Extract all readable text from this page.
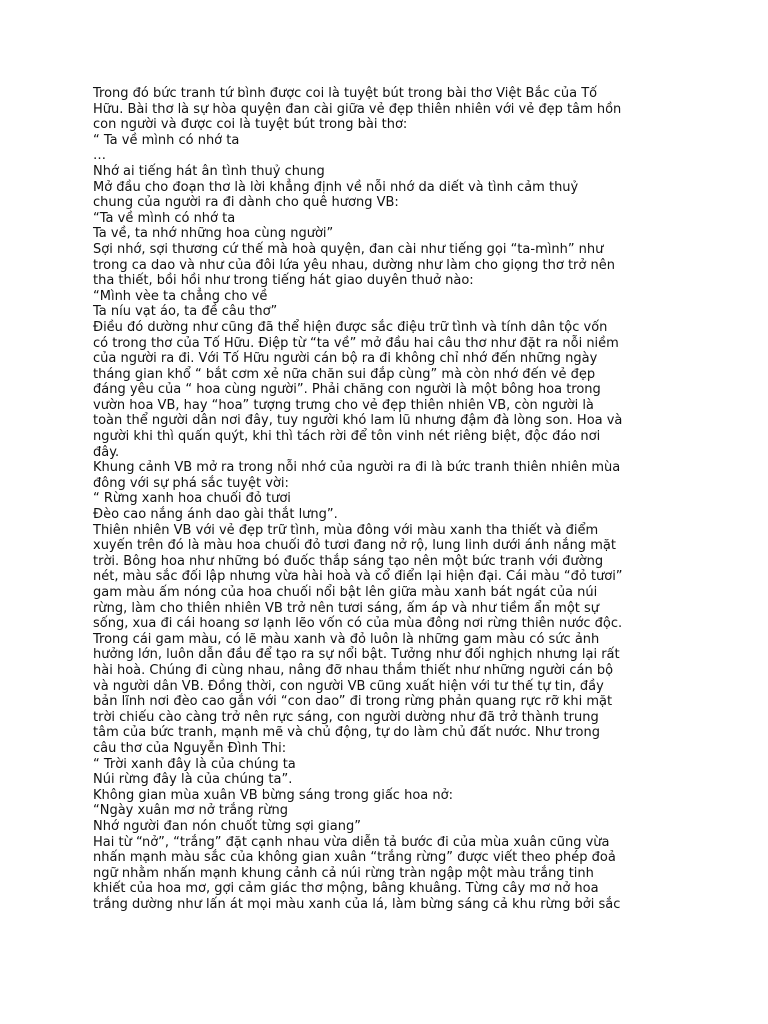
Trong đó bức tranh tứ bình được coi là tuyệt bút trong bài thơ Việt Bắc của Tố
Hữu. Bài thơ là sự hòa quyện đan cài giữa vẻ đẹp thiên nhiên với vẻ đẹp tâm hồn
con người và được coi là tuyệt bút trong bài thơ:
“ Ta về mình có nhớ ta
…
Nhớ ai tiếng hát ân tình thuỷ chung
Mở đầu cho đoạn thơ là lời khẳng định về nỗi nhớ da diết và tình cảm thuỷ
chung của người ra đi dành cho quê hương VB:
“Ta về mình có nhớ ta
Ta về, ta nhớ những hoa cùng người”
Sợi nhớ, sợi thương cứ thế mà hoà quyện, đan cài như tiếng gọi “ta-mình” như
trong ca dao và như của đôi lứa yêu nhau, dường như làm cho giọng thơ trở nên
tha thiết, bồi hồi như trong tiếng hát giao duyên thuở nào:
“Mình vèe ta chẳng cho về
Ta níu vạt áo, ta đề câu thơ”
Điều đó dường như cũng đã thể hiện được sắc điệu trữ tình và tính dân tộc vốn
có trong thơ của Tố Hữu. Điệp từ “ta về” mở đầu hai câu thơ như đặt ra nỗi niềm
của người ra đi. Với Tố Hữu người cán bộ ra đi không chỉ nhớ đến những ngày
tháng gian khổ “ bắt cơm xẻ nữa chăn sui đắp cùng” mà còn nhớ đến vẻ đẹp
đáng yêu của “ hoa cùng người”. Phải chăng con người là một bông hoa trong
vườn hoa VB, hay “hoa” tượng trưng cho vẻ đẹp thiên nhiên VB, còn người là
toàn thể người dân nơi đây, tuy người khó lam lũ nhưng đậm đà lòng son. Hoa và
người khi thì quấn quýt, khi thì tách rời để tôn vinh nét riêng biệt, độc đáo nơi
đây.
Khung cảnh VB mở ra trong nỗi nhớ của người ra đi là bức tranh thiên nhiên mùa
đông với sự phá sắc tuyệt vời:
“ Rừng xanh hoa chuối đỏ tươi
Đèo cao nắng ánh dao gài thắt lưng”.
Thiên nhiên VB với vẻ đẹp trữ tình, mùa đông với màu xanh tha thiết và điểm
xuyến trên đó là màu hoa chuối đỏ tươi đang nở rộ, lung linh dưới ánh nắng mặt
trời. Bông hoa như những bó đuốc thắp sáng tạo nên một bức tranh với đường
nét, màu sắc đối lập nhưng vừa hài hoà và cổ điển lại hiện đại. Cái màu “đỏ tươi”
gam màu ấm nóng của hoa chuối nổi bật lên giữa màu xanh bát ngát của núi
rừng, làm cho thiên nhiên VB trở nên tươi sáng, ấm áp và như tiềm ẩn một sự
sống, xua đi cái hoang sơ lạnh lẽo vốn có của mùa đông nơi rừng thiên nước độc.
Trong cái gam màu, có lẽ màu xanh và đỏ luôn là những gam màu có sức ảnh
hưởng lớn, luôn dẫn đầu để tạo ra sự nổi bật. Tưởng như đối nghịch nhưng lại rất
hài hoà. Chúng đi cùng nhau, nâng đỡ nhau thắm thiết như những người cán bộ
và người dân VB. Đồng thời, con người VB cũng xuất hiện với tư thế tự tin, đầy
bản lĩnh nơi đèo cao gắn với “con dao” đi trong rừng phản quang rực rỡ khi mặt
trời chiếu cào càng trở nên rực sáng, con người dường như đã trở thành trung
tâm của bức tranh, mạnh mẽ và chủ động, tự do làm chủ đất nước. Như trong
câu thơ của Nguyễn Đình Thi:
“ Trời xanh đây là của chúng ta
Núi rừng đây là của chúng ta”.
Không gian mùa xuân VB bừng sáng trong giấc hoa nở:
“Ngày xuân mơ nở trắng rừng
Nhớ người đan nón chuốt từng sợi giang”
Hai từ “nở”, “trắng” đặt cạnh nhau vừa diễn tả bước đi của mùa xuân cũng vừa
nhấn mạnh màu sắc của không gian xuân “trắng rừng” được viết theo phép đoả
ngữ nhằm nhấn mạnh khung cảnh cả núi rừng tràn ngập một màu trắng tinh
khiết của hoa mơ, gợi cảm giác thơ mộng, bâng khuâng. Từng cây mơ nở hoa
trắng dường như lấn át mọi màu xanh của lá, làm bừng sáng cả khu rừng bởi sắc
